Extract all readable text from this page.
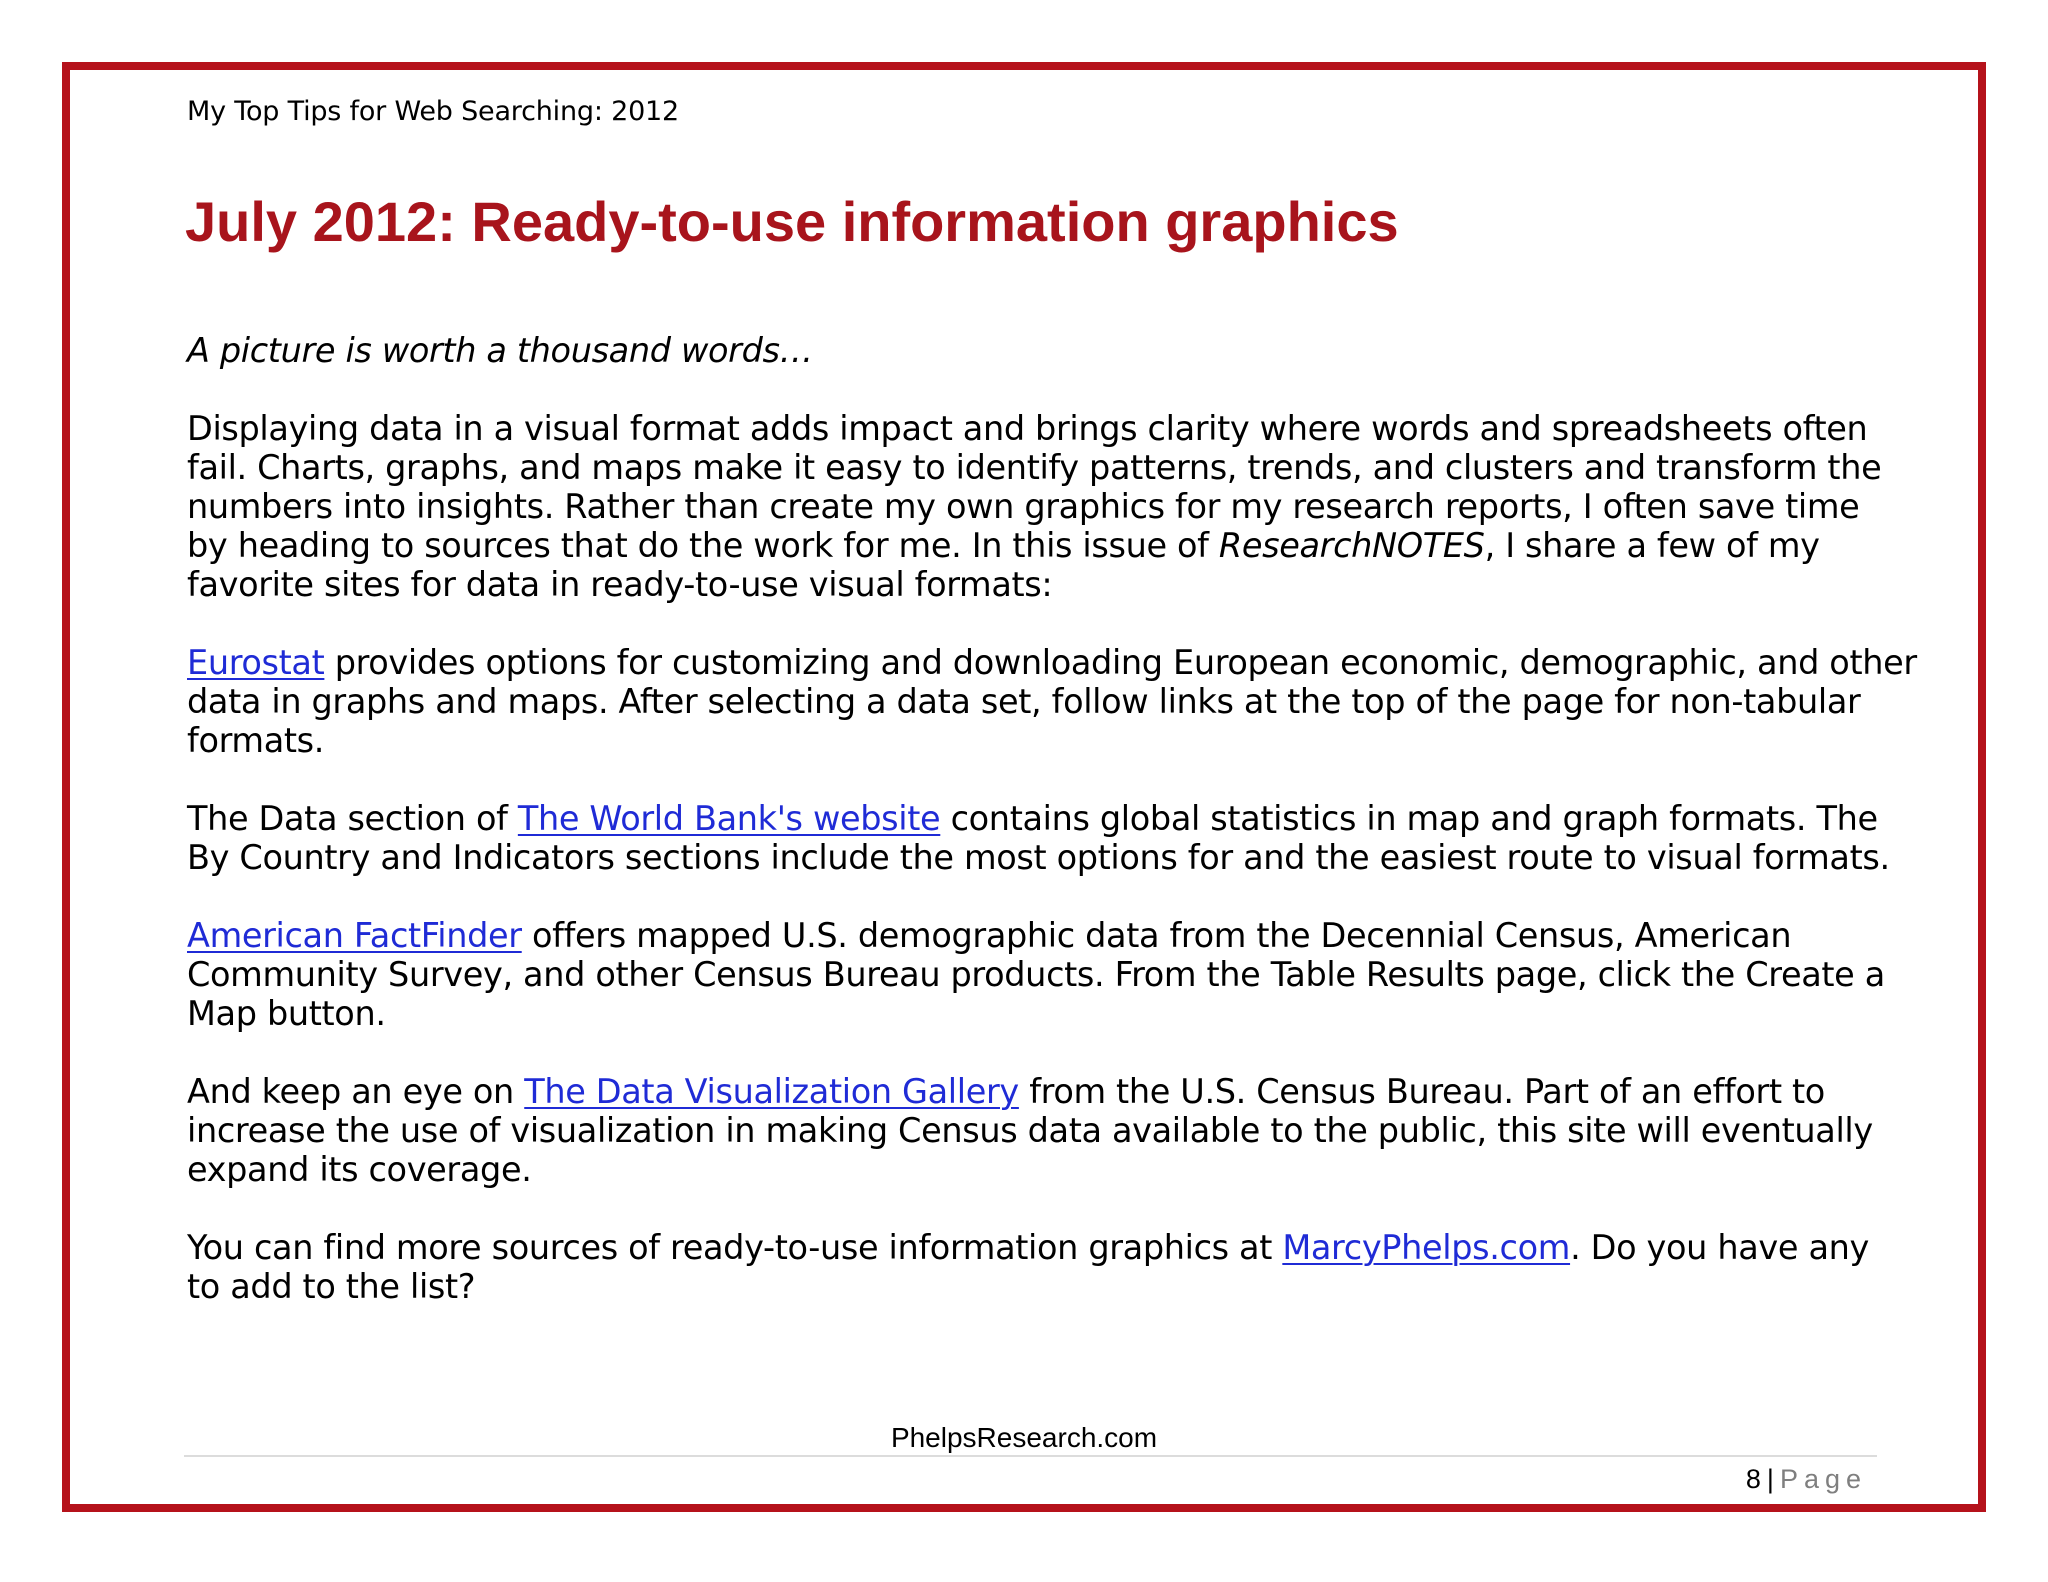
My Top Tips for Web Searching: 2012
July 2012: Ready-to-use information graphics

A picture is worth a thousand words…

Displaying data in a visual format adds impact and brings clarity where words and spreadsheets often
fail. Charts, graphs, and maps make it easy to identify patterns, trends, and clusters and transform the
numbers into insights. Rather than create my own graphics for my research reports, I often save time
by heading to sources that do the work for me. In this issue of ResearchNOTES, I share a few of my
favorite sites for data in ready-to-use visual formats:

Eurostat provides options for customizing and downloading European economic, demographic, and other
data in graphs and maps. After selecting a data set, follow links at the top of the page for non-tabular
formats.

The Data section of The World Bank's website contains global statistics in map and graph formats. The
By Country and Indicators sections include the most options for and the easiest route to visual formats.

American FactFinder offers mapped U.S. demographic data from the Decennial Census, American
Community Survey, and other Census Bureau products. From the Table Results page, click the Create a
Map button.

And keep an eye on The Data Visualization Gallery from the U.S. Census Bureau. Part of an effort to
increase the use of visualization in making Census data available to the public, this site will eventually
expand its coverage.

You can find more sources of ready-to-use information graphics at MarcyPhelps.com. Do you have any
to add to the list?

PhelpsResearch.com
8 | Page
